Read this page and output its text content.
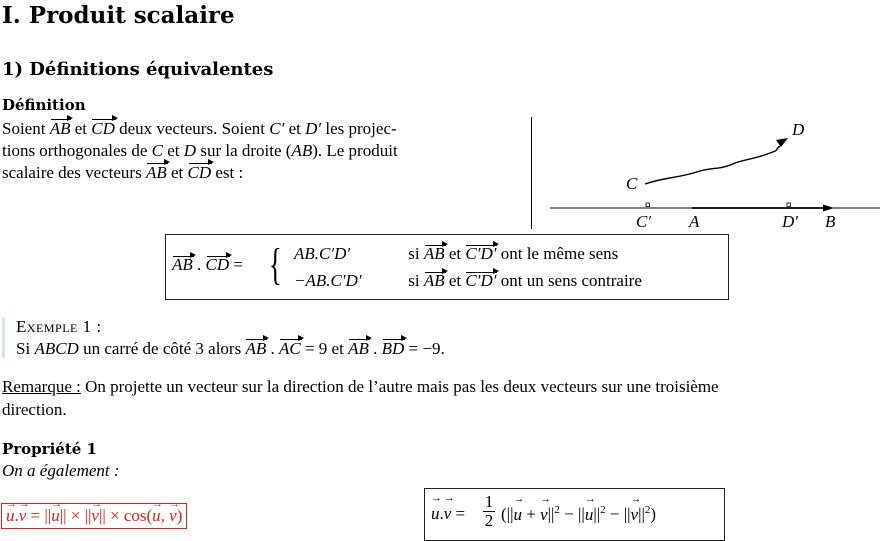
I. Produit scalaire
1) Définitions équivalentes
Définition
Soient AB et CD deux vecteurs. Soient C′ et D′ les projec-
tions orthogonales de C et D sur la droite (AB). Le produit
scalaire des vecteurs AB et CD est :
D
C
C′ A	D′ B
AB . CD = { AB.C′D′	si AB et C′D′ ont le même sens
−AB.C′D′	si AB et C′D′ ont un sens contraire
Exemple 1 :
Si ABCD un carré de côté 3 alors AB . AC = 9 et AB . BD = −9.
Remarque : On projette un vecteur sur la direction de l’autre mais pas les deux vecteurs sur une troisième
direction.
Propriété 1
On a également :
u →.v → = ||u →|| × ||v →|| × cos(u →, v →)	u →.v → =
1
2 (||u → + $v \to||^2 - ||u \to||^2 - ||v \to||^2$)
